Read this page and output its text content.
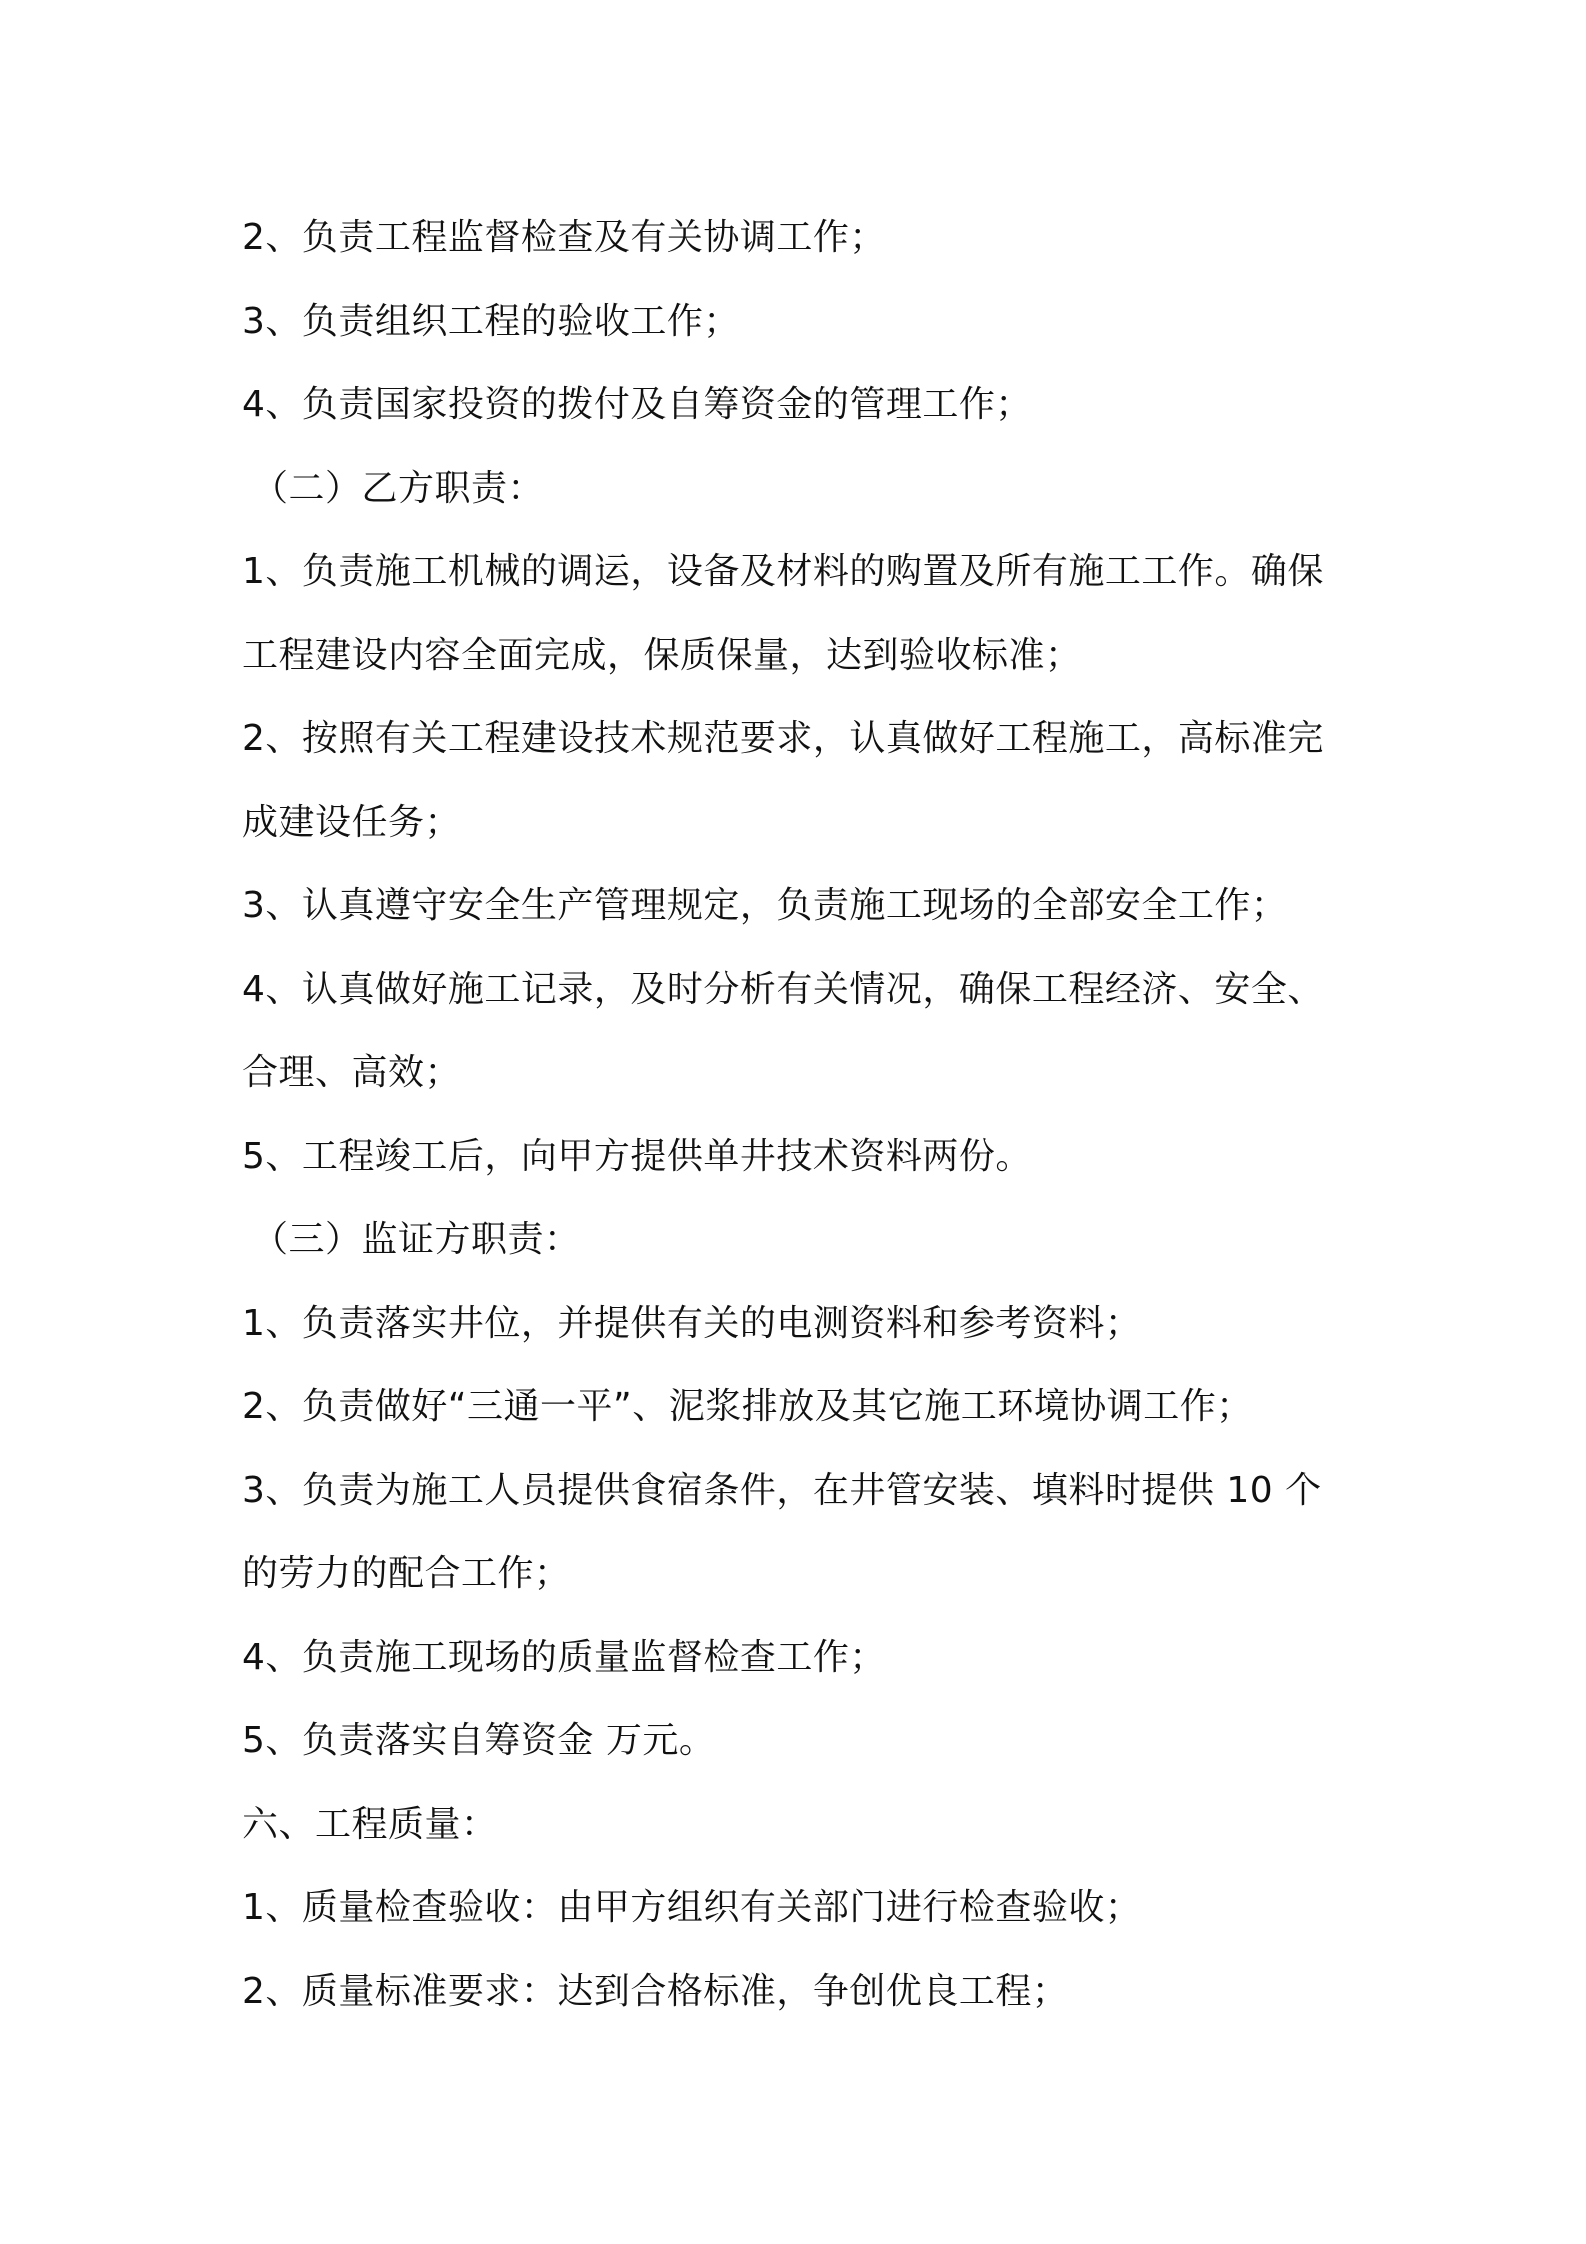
2、负责工程监督检查及有关协调工作；
3、负责组织工程的验收工作；
4、负责国家投资的拨付及自筹资金的管理工作；
（二）乙方职责：
1、负责施工机械的调运，设备及材料的购置及所有施工工作。确保
工程建设内容全面完成，保质保量，达到验收标准；
2、按照有关工程建设技术规范要求，认真做好工程施工，高标准完
成建设任务；
3、认真遵守安全生产管理规定，负责施工现场的全部安全工作；
4、认真做好施工记录，及时分析有关情况，确保工程经济、安全、
合理、高效；
5、工程竣工后，向甲方提供单井技术资料两份。
（三）监证方职责：
1、负责落实井位，并提供有关的电测资料和参考资料；
2、负责做好“三通一平”、泥浆排放及其它施工环境协调工作；
3、负责为施工人员提供食宿条件，在井管安装、填料时提供 10 个
的劳力的配合工作；
4、负责施工现场的质量监督检查工作；
5、负责落实自筹资金 万元。
六、工程质量：
1、质量检查验收：由甲方组织有关部门进行检查验收；
2、质量标准要求：达到合格标准，争创优良工程；
